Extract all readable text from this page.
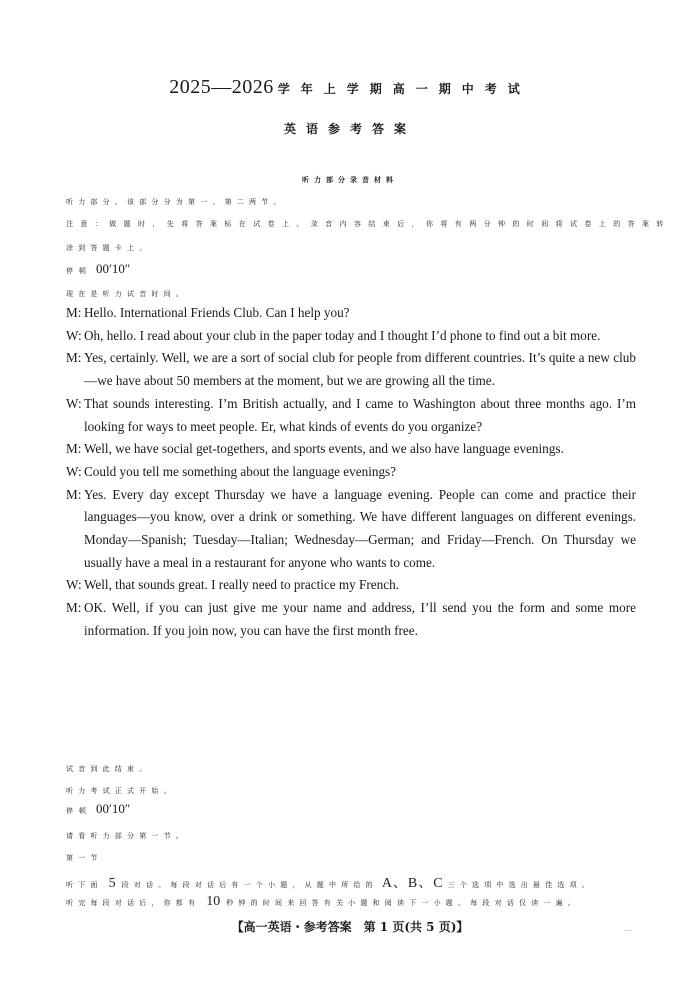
2025—2026 学年上学期高一期中考试
英语参考答案
听力部分录音材料
听力部分。该部分分为第一、第二两节。
注意：做题时，先将答案标在试卷上。录音内容结束后，你将有两分钟的时间将试卷上的答案转
涂到答题卡上。
停顿 00′10″
现在是听力试音时间。
M: Hello. International Friends Club. Can I help you?
W: Oh, hello. I read about your club in the paper today and I thought I’d phone to find out a bit more.
M: Yes, certainly. Well, we are a sort of social club for people from different countries. It’s quite a new club—we have about 50 members at the moment, but we are growing all the time.
W: That sounds interesting. I’m British actually, and I came to Washington about three months ago. I’m looking for ways to meet people. Er, what kinds of events do you organize?
M: Well, we have social get-togethers, and sports events, and we also have language evenings.
W: Could you tell me something about the language evenings?
M: Yes. Every day except Thursday we have a language evening. People can come and practice their languages—you know, over a drink or something. We have different languages on different evenings. Monday—Spanish; Tuesday—Italian; Wednesday—German; and Friday—French. On Thursday we usually have a meal in a restaurant for anyone who wants to come.
W: Well, that sounds great. I really need to practice my French.
M: OK. Well, if you can just give me your name and address, I’ll send you the form and some more information. If you join now, you can have the first month free.
试音到此结束。
听力考试正式开始。
停顿 00′10″
请看听力部分第一节。
第一节
听下面 5 段对话。每段对话后有一个小题，从题中所给的 A、B、C 三个选项中选出最佳选项。
听完每段对话后，你都有 10 秒钟的时间来回答有关小题和阅读下一小题。每段对话仅读一遍。
【高一英语・参考答案　第 1 页(共 5 页)】	—
